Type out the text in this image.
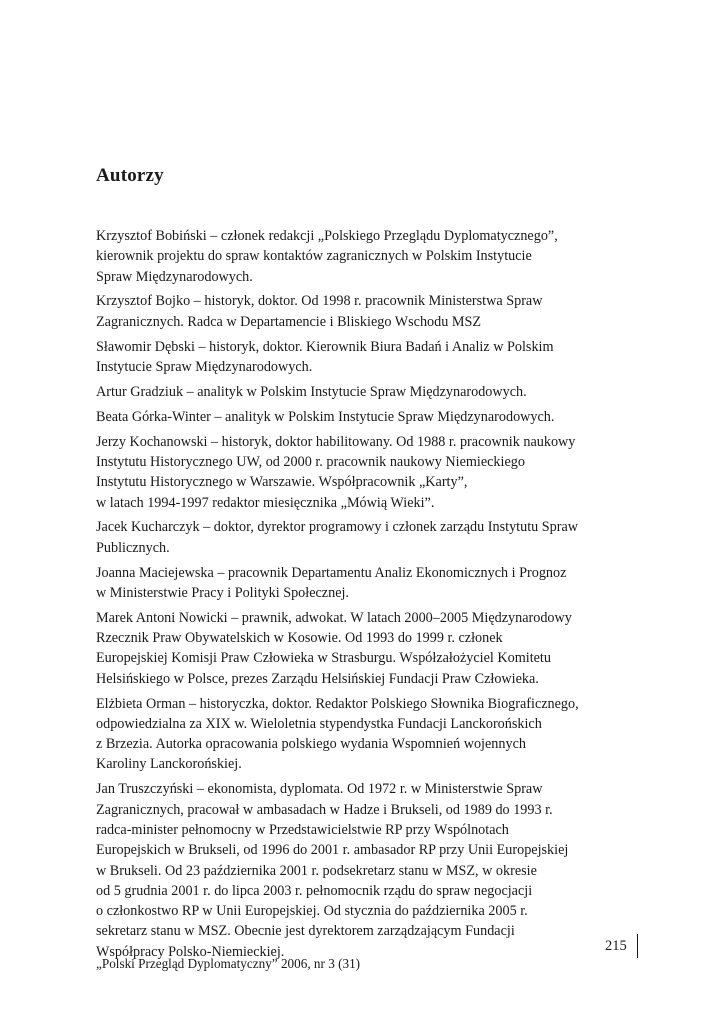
Autorzy
Krzysztof Bobiński – członek redakcji „Polskiego Przeglądu Dyplomatycznego”,
kierownik projektu do spraw kontaktów zagranicznych w Polskim Instytucie
Spraw Międzynarodowych.
Krzysztof Bojko – historyk, doktor. Od 1998 r. pracownik Ministerstwa Spraw
Zagranicznych. Radca w Departamencie i Bliskiego Wschodu MSZ
Sławomir Dębski – historyk, doktor. Kierownik Biura Badań i Analiz w Polskim
Instytucie Spraw Międzynarodowych.
Artur Gradziuk – analityk w Polskim Instytucie Spraw Międzynarodowych.
Beata Górka-Winter – analityk w Polskim Instytucie Spraw Międzynarodowych.
Jerzy Kochanowski – historyk, doktor habilitowany. Od 1988 r. pracownik naukowy
Instytutu Historycznego UW, od 2000 r. pracownik naukowy Niemieckiego
Instytutu Historycznego w Warszawie. Współpracownik „Karty”,
w latach 1994-1997 redaktor miesięcznika „Mówią Wieki”.
Jacek Kucharczyk – doktor, dyrektor programowy i członek zarządu Instytutu Spraw
Publicznych.
Joanna Maciejewska – pracownik Departamentu Analiz Ekonomicznych i Prognoz
w Ministerstwie Pracy i Polityki Społecznej.
Marek Antoni Nowicki – prawnik, adwokat. W latach 2000–2005 Międzynarodowy
Rzecznik Praw Obywatelskich w Kosowie. Od 1993 do 1999 r. członek
Europejskiej Komisji Praw Człowieka w Strasburgu. Współzałożyciel Komitetu
Helsińskiego w Polsce, prezes Zarządu Helsińskiej Fundacji Praw Człowieka.
Elżbieta Orman – historyczka, doktor. Redaktor Polskiego Słownika Biograficznego,
odpowiedzialna za XIX w. Wieloletnia stypendystka Fundacji Lanckorońskich
z Brzezia. Autorka opracowania polskiego wydania Wspomnień wojennych
Karoliny Lanckorońskiej.
Jan Truszczyński – ekonomista, dyplomata. Od 1972 r. w Ministerstwie Spraw
Zagranicznych, pracował w ambasadach w Hadze i Brukseli, od 1989 do 1993 r.
radca-minister pełnomocny w Przedstawicielstwie RP przy Wspólnotach
Europejskich w Brukseli, od 1996 do 2001 r. ambasador RP przy Unii Europejskiej
w Brukseli. Od 23 października 2001 r. podsekretarz stanu w MSZ, w okresie
od 5 grudnia 2001 r. do lipca 2003 r. pełnomocnik rządu do spraw negocjacji
o członkostwo RP w Unii Europejskiej. Od stycznia do października 2005 r.
sekretarz stanu w MSZ. Obecnie jest dyrektorem zarządzającym Fundacji
Współpracy Polsko-Niemieckiej.	215
„Polski Przegląd Dyplomatyczny” 2006, nr 3 (31)
